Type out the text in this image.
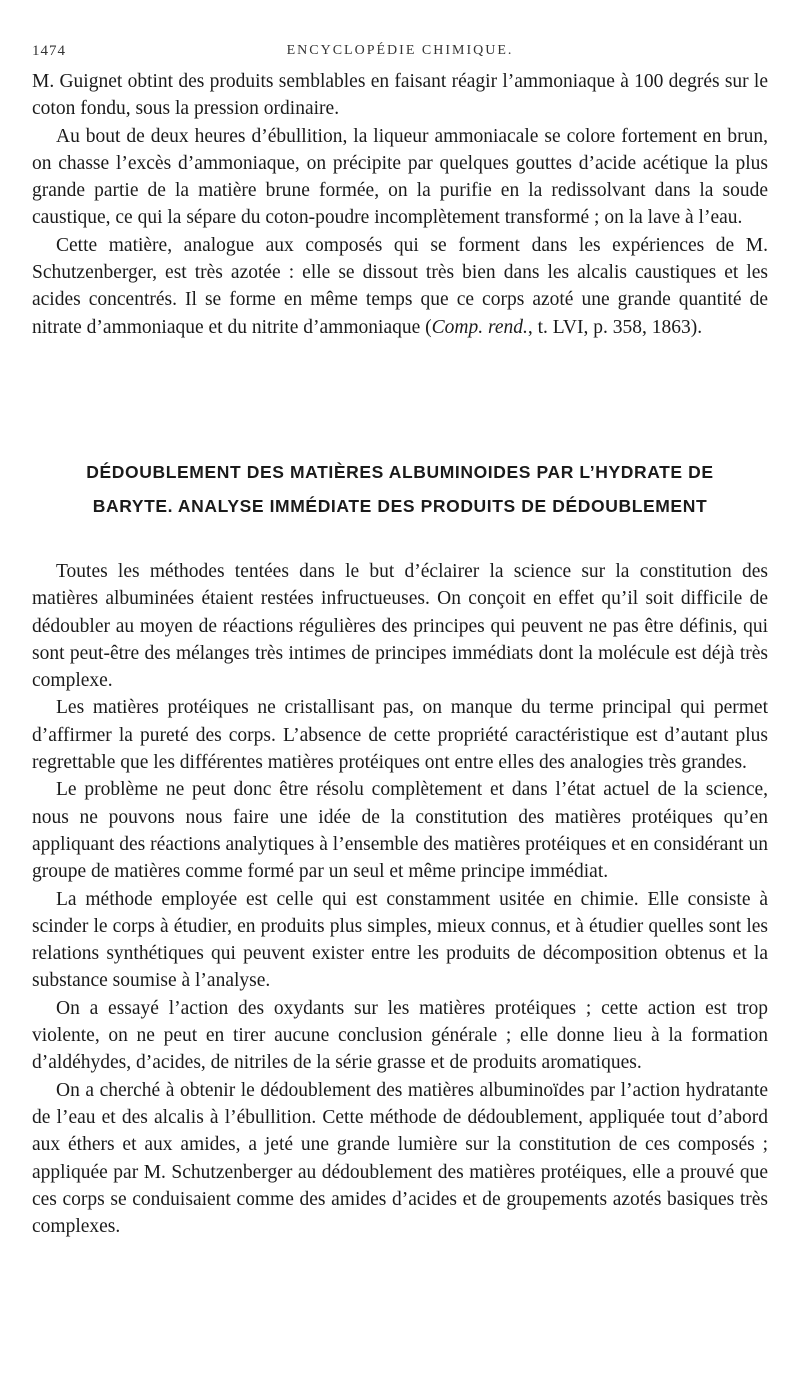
1474	ENCYCLOPÉDIE CHIMIQUE.

M. Guignet obtint des produits semblables en faisant réagir l’ammoniaque à 100 degrés sur le coton fondu, sous la pression ordinaire.

Au bout de deux heures d’ébullition, la liqueur ammoniacale se colore fortement en brun, on chasse l’excès d’ammoniaque, on précipite par quelques gouttes d’acide acétique la plus grande partie de la matière brune formée, on la purifie en la redissolvant dans la soude caustique, ce qui la sépare du coton-poudre incomplètement transformé ; on la lave à l’eau.

Cette matière, analogue aux composés qui se forment dans les expériences de M. Schutzenberger, est très azotée : elle se dissout très bien dans les alcalis caustiques et les acides concentrés. Il se forme en même temps que ce corps azoté une grande quantité de nitrate d’ammoniaque et du nitrite d’ammoniaque (Comp. rend., t. LVI, p. 358, 1863).

DÉDOUBLEMENT DES MATIÈRES ALBUMINOIDES PAR L’HYDRATE DE
BARYTE. ANALYSE IMMÉDIATE DES PRODUITS DE DÉDOUBLEMENT

Toutes les méthodes tentées dans le but d’éclairer la science sur la constitution des matières albuminées étaient restées infructueuses. On conçoit en effet qu’il soit difficile de dédoubler au moyen de réactions régulières des principes qui peuvent ne pas être définis, qui sont peut-être des mélanges très intimes de principes immédiats dont la molécule est déjà très complexe.

Les matières protéiques ne cristallisant pas, on manque du terme principal qui permet d’affirmer la pureté des corps. L’absence de cette propriété caractéristique est d’autant plus regrettable que les différentes matières protéiques ont entre elles des analogies très grandes.

Le problème ne peut donc être résolu complètement et dans l’état actuel de la science, nous ne pouvons nous faire une idée de la constitution des matières protéiques qu’en appliquant des réactions analytiques à l’ensemble des matières protéiques et en considérant un groupe de matières comme formé par un seul et même principe immédiat.

La méthode employée est celle qui est constamment usitée en chimie. Elle consiste à scinder le corps à étudier, en produits plus simples, mieux connus, et à étudier quelles sont les relations synthétiques qui peuvent exister entre les produits de décomposition obtenus et la substance soumise à l’analyse.

On a essayé l’action des oxydants sur les matières protéiques ; cette action est trop violente, on ne peut en tirer aucune conclusion générale ; elle donne lieu à la formation d’aldéhydes, d’acides, de nitriles de la série grasse et de produits aromatiques.

On a cherché à obtenir le dédoublement des matières albuminoïdes par l’action hydratante de l’eau et des alcalis à l’ébullition. Cette méthode de dédoublement, appliquée tout d’abord aux éthers et aux amides, a jeté une grande lumière sur la constitution de ces composés ; appliquée par M. Schutzenberger au dédoublement des matières protéiques, elle a prouvé que ces corps se conduisaient comme des amides d’acides et de groupements azotés basiques très complexes.
